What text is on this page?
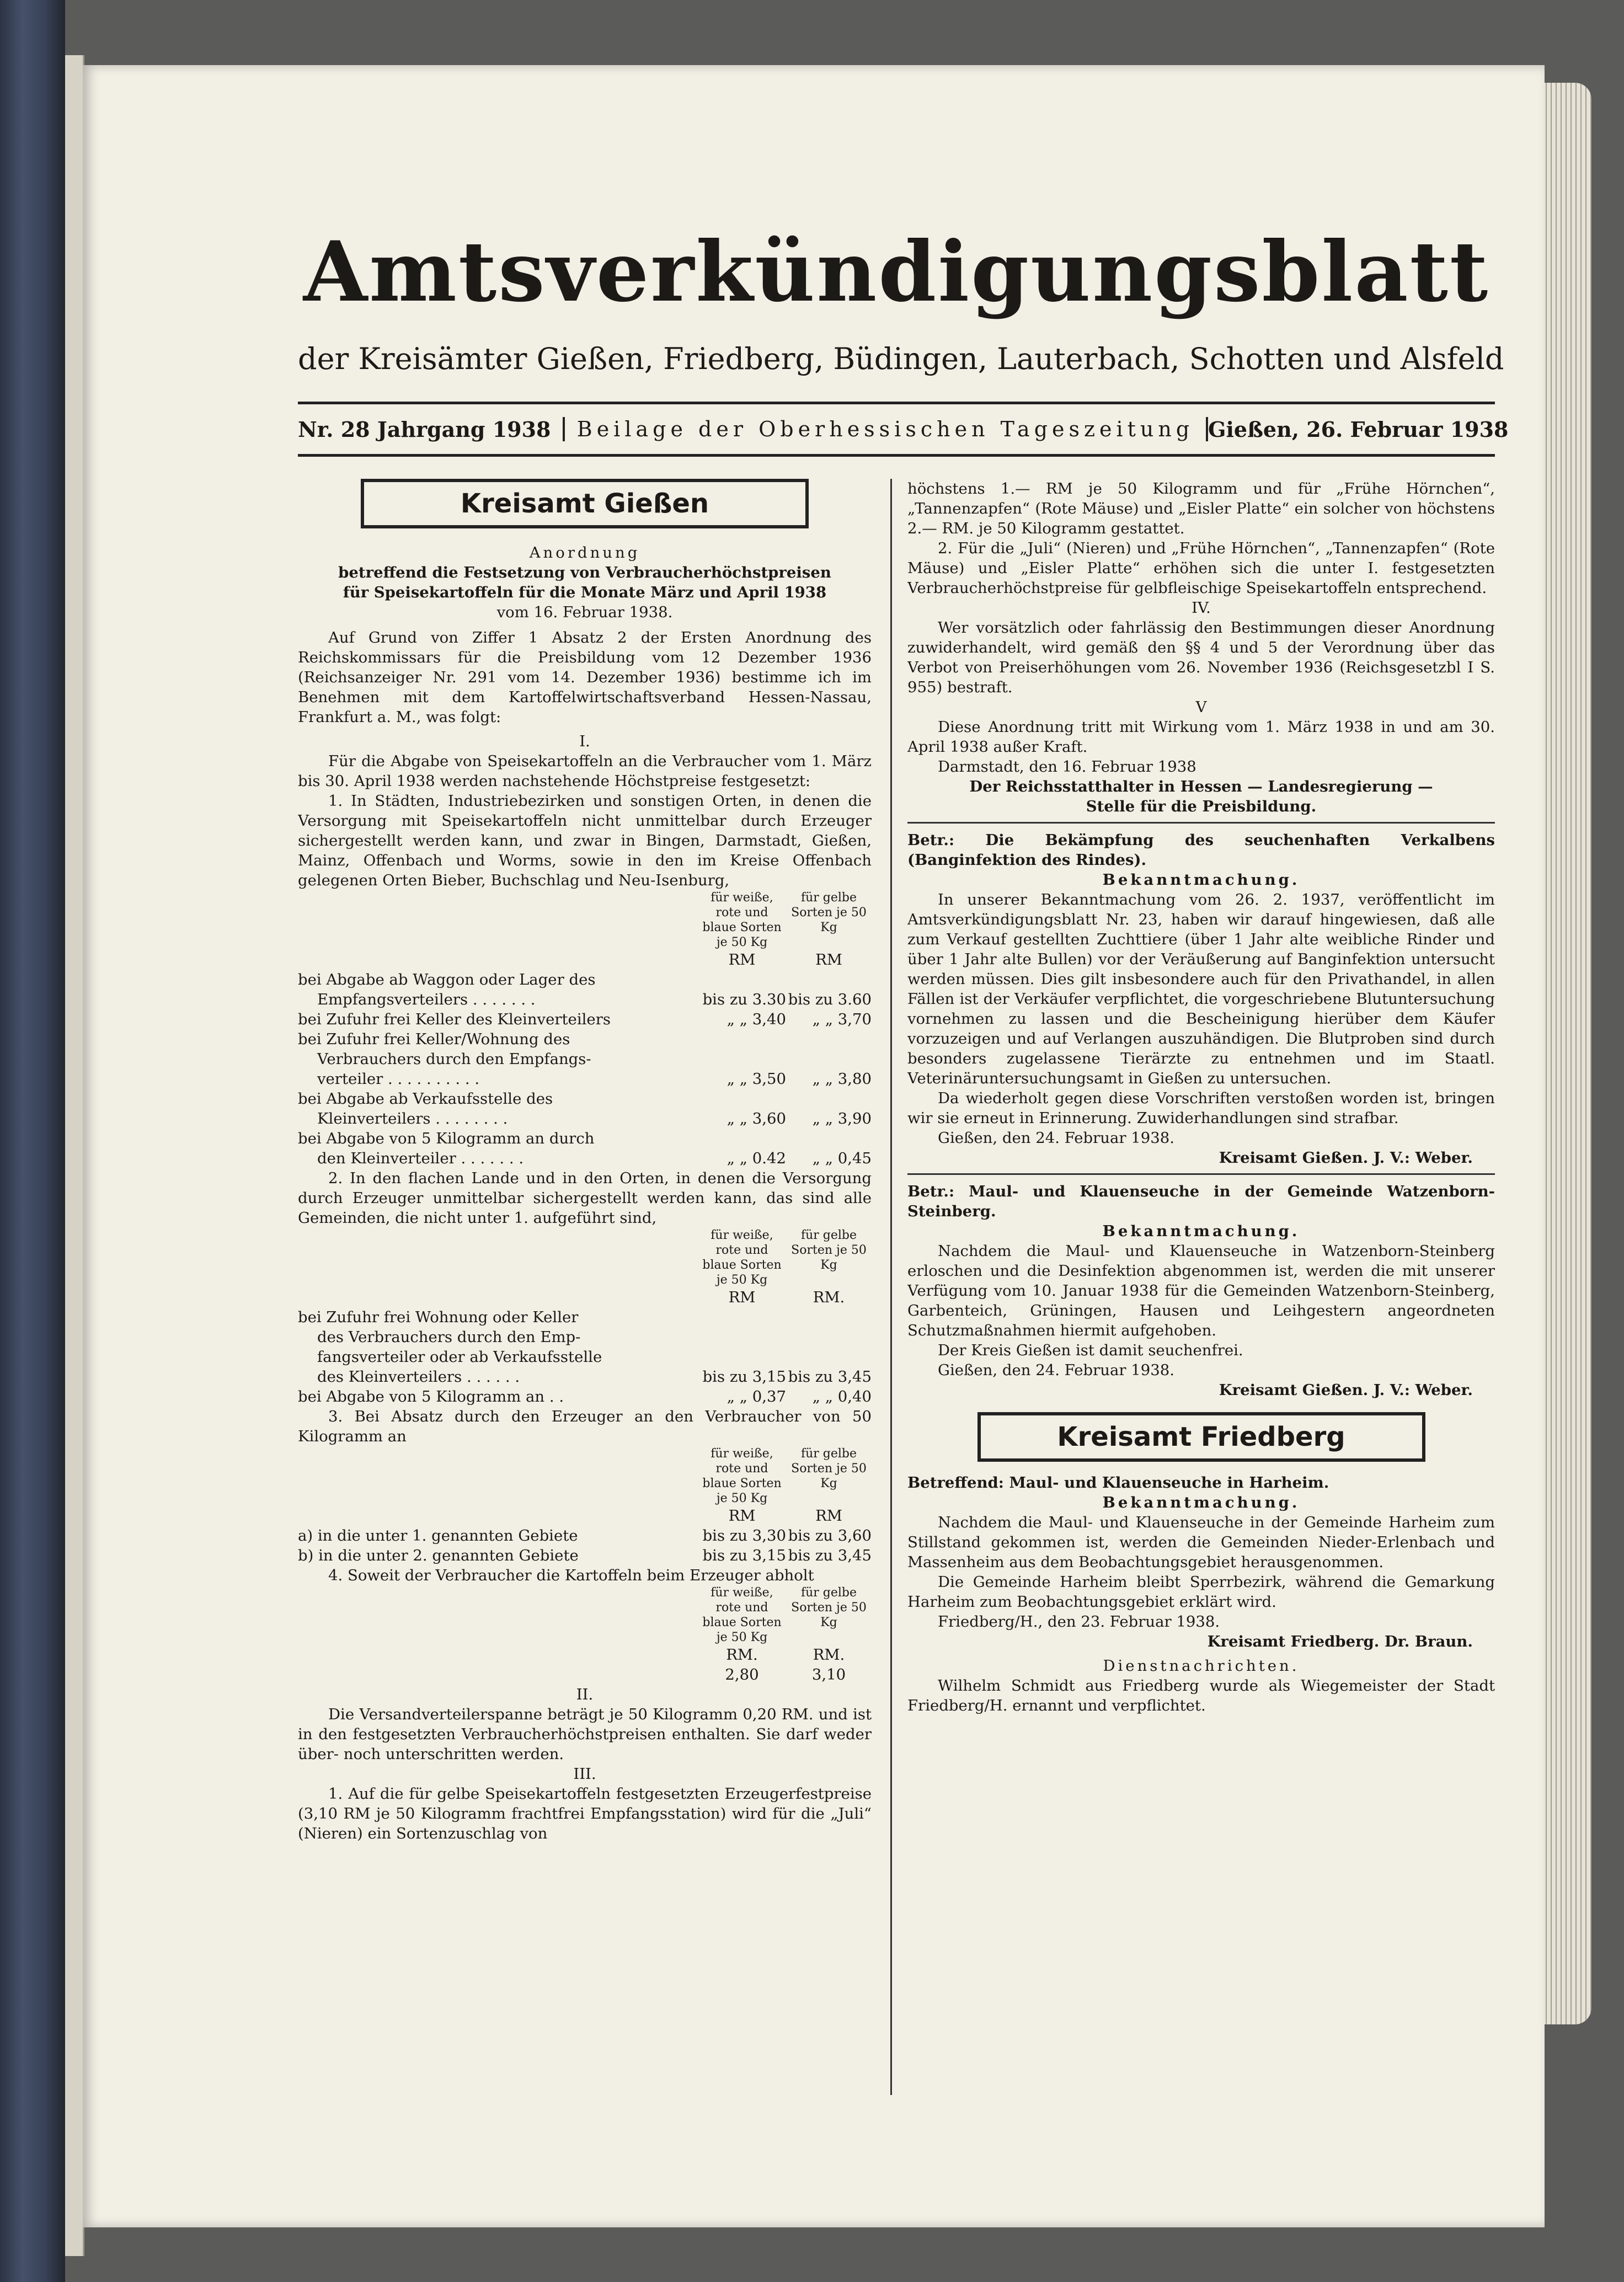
Amtsverkündigungsblatt
der Kreisämter Gießen, Friedberg, Büdingen, Lauterbach, Schotten und Alsfeld
Nr. 28 Jahrgang 1938	Beilage der Oberhessischen Tageszeitung Gießen, 26. Februar 1938
Kreisamt Gießen

Anordnung

betreffend die Festsetzung von Verbraucherhöchstpreisen

für Speisekartoffeln für die Monate März und April 1938

vom 16. Februar 1938.

Auf Grund von Ziffer 1 Absatz 2 der Ersten Anordnung des Reichskommissars für die Preisbildung vom 12 Dezember 1936 (Reichsanzeiger Nr. 291 vom 14. Dezember 1936) bestimme ich im Benehmen mit dem Kartoffelwirtschaftsverband Hessen-Nassau, Frankfurt a. M., was folgt:

I.

Für die Abgabe von Speisekartoffeln an die Verbraucher vom 1. März bis 30. April 1938 werden nachstehende Höchstpreise festgesetzt:

1. In Städten, Industriebezirken und sonstigen Orten, in denen die Versorgung mit Speisekartoffeln nicht unmittelbar durch Erzeuger sichergestellt werden kann, und zwar in Bingen, Darmstadt, Gießen, Mainz, Offenbach und Worms, sowie in den im Kreise Offenbach gelegenen Orten Bieber, Buchschlag und Neu-Isenburg,

für weiße, rote und blaue Sorten je 50 Kg
für gelbe Sorten je 50 Kg
RM	RM
bei Abgabe ab Waggon oder Lager des
Empfangsverteilers . . . . . . .	bis zu 3.30 bis zu 3.60
bei Zufuhr frei Keller des Kleinverteilers	„ „ 3,40	„ „ 3,70
bei Zufuhr frei Keller/Wohnung des
Verbrauchers durch den Empfangs-
verteiler . . . . . . . . . .	„ „ 3,50	„ „ 3,80
bei Abgabe ab Verkaufsstelle des
Kleinverteilers . . . . . . . .	„ „ 3,60	„ „ 3,90
bei Abgabe von 5 Kilogramm an durch
den Kleinverteiler . . . . . . .	„ „ 0.42	„ „ 0,45

2. In den flachen Lande und in den Orten, in denen die Versorgung durch Erzeuger unmittelbar sichergestellt werden kann, das sind alle Gemeinden, die nicht unter 1. aufgeführt sind,

für weiße, rote und blaue Sorten je 50 Kg
für gelbe Sorten je 50 Kg
RM	RM.
bei Zufuhr frei Wohnung oder Keller
des Verbrauchers durch den Emp-
fangsverteiler oder ab Verkaufsstelle
des Kleinverteilers . . . . . .	bis zu 3,15 bis zu 3,45
bei Abgabe von 5 Kilogramm an . .	„ „ 0,37	„ „ 0,40

3. Bei Absatz durch den Erzeuger an den Verbraucher von 50 Kilogramm an

für weiße, rote und blaue Sorten je 50 Kg
für gelbe Sorten je 50 Kg
RM	RM
a) in die unter 1. genannten Gebiete	bis zu 3,30 bis zu 3,60
b) in die unter 2. genannten Gebiete	bis zu 3,15 bis zu 3,45

4. Soweit der Verbraucher die Kartoffeln beim Erzeuger abholt

für weiße, rote und blaue Sorten je 50 Kg
für gelbe Sorten je 50 Kg
RM.	RM.
2,80	3,10

II.

Die Versandverteilerspanne beträgt je 50 Kilogramm 0,20 RM. und ist in den festgesetzten Verbraucherhöchstpreisen enthalten. Sie darf weder über- noch unterschritten werden.

III.

1. Auf die für gelbe Speisekartoffeln festgesetzten Erzeugerfestpreise (3,10 RM je 50 Kilogramm frachtfrei Empfangsstation) wird für die „Juli“ (Nieren) ein Sortenzuschlag von

höchstens 1.— RM je 50 Kilogramm und für „Frühe Hörnchen“, „Tannenzapfen“ (Rote Mäuse) und „Eisler Platte“ ein solcher von höchstens 2.— RM. je 50 Kilogramm gestattet.

2. Für die „Juli“ (Nieren) und „Frühe Hörnchen“, „Tannenzapfen“ (Rote Mäuse) und „Eisler Platte“ erhöhen sich die unter I. festgesetzten Verbraucherhöchstpreise für gelbfleischige Speisekartoffeln entsprechend.

IV.

Wer vorsätzlich oder fahrlässig den Bestimmungen dieser Anordnung zuwiderhandelt, wird gemäß den §§ 4 und 5 der Verordnung über das Verbot von Preiserhöhungen vom 26. November 1936 (Reichsgesetzbl I S. 955) bestraft.

V

Diese Anordnung tritt mit Wirkung vom 1. März 1938 in und am 30. April 1938 außer Kraft.

Darmstadt, den 16. Februar 1938

Der Reichsstatthalter in Hessen — Landesregierung —

Stelle für die Preisbildung.

Betr.: Die Bekämpfung des seuchenhaften Verkalbens (Banginfektion des Rindes).

Bekanntmachung.

In unserer Bekanntmachung vom 26. 2. 1937, veröffentlicht im Amtsverkündigungsblatt Nr. 23, haben wir darauf hingewiesen, daß alle zum Verkauf gestellten Zuchttiere (über 1 Jahr alte weibliche Rinder und über 1 Jahr alte Bullen) vor der Veräußerung auf Banginfektion untersucht werden müssen. Dies gilt insbesondere auch für den Privathandel, in allen Fällen ist der Verkäufer verpflichtet, die vorgeschriebene Blutuntersuchung vornehmen zu lassen und die Bescheinigung hierüber dem Käufer vorzuzeigen und auf Verlangen auszuhändigen. Die Blutproben sind durch besonders zugelassene Tierärzte zu entnehmen und im Staatl. Veterinäruntersuchungsamt in Gießen zu untersuchen.

Da wiederholt gegen diese Vorschriften verstoßen worden ist, bringen wir sie erneut in Erinnerung. Zuwiderhandlungen sind strafbar.

Gießen, den 24. Februar 1938.

Kreisamt Gießen. J. V.: Weber.

Betr.: Maul- und Klauenseuche in der Gemeinde Watzenborn-Steinberg.

Bekanntmachung.

Nachdem die Maul- und Klauenseuche in Watzenborn-Steinberg erloschen und die Desinfektion abgenommen ist, werden die mit unserer Verfügung vom 10. Januar 1938 für die Gemeinden Watzenborn-Steinberg, Garbenteich, Grüningen, Hausen und Leihgestern angeordneten Schutzmaßnahmen hiermit aufgehoben.

Der Kreis Gießen ist damit seuchenfrei.

Gießen, den 24. Februar 1938.

Kreisamt Gießen. J. V.: Weber.

Kreisamt Friedberg

Betreffend: Maul- und Klauenseuche in Harheim.

Bekanntmachung.

Nachdem die Maul- und Klauenseuche in der Gemeinde Harheim zum Stillstand gekommen ist, werden die Gemeinden Nieder-Erlenbach und Massenheim aus dem Beobachtungsgebiet herausgenommen.

Die Gemeinde Harheim bleibt Sperrbezirk, während die Gemarkung Harheim zum Beobachtungsgebiet erklärt wird.

Friedberg/H., den 23. Februar 1938.

Kreisamt Friedberg. Dr. Braun.

Dienstnachrichten.

Wilhelm Schmidt aus Friedberg wurde als Wiegemeister der Stadt Friedberg/H. ernannt und verpflichtet.
